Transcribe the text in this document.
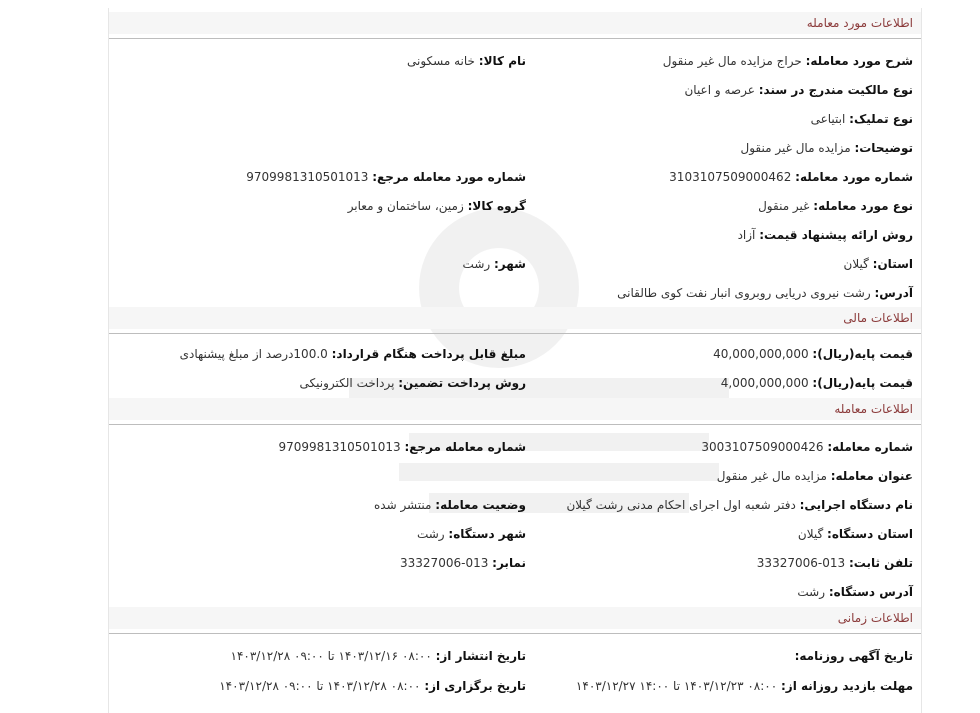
اطلاعات مورد معامله
شرح مورد معامله: حراج مزایده مال غیر منقول
نام کالا: خانه مسکونی
نوع مالکیت مندرج در سند: عرصه و اعیان
نوع تملیک: ابتیاعی
توضیحات: مزایده مال غیر منقول
شماره مورد معامله: 3103107509000462
شماره مورد معامله مرجع: 9709981310501013
نوع مورد معامله: غیر منقول
گروه کالا: زمین، ساختمان و معابر
روش ارائه پیشنهاد قیمت: آزاد
استان: گیلان
شهر: رشت
آدرس: رشت نیروی دریایی روبروی انبار نفت کوی طالقانی
اطلاعات مالی
قیمت پایه(ریال): 40,000,000,000
مبلغ قابل پرداخت هنگام قرارداد: 100.0درصد از مبلغ پیشنهادی
قیمت پایه(ریال): 4,000,000,000
روش پرداخت تضمین: پرداخت الکترونیکی
اطلاعات معامله
شماره معامله: 3003107509000426
شماره معامله مرجع: 9709981310501013
عنوان معامله: مزایده مال غیر منقول
نام دستگاه اجرایی: دفتر شعبه اول اجرای احکام مدنی رشت گیلان
وضعیت معامله: منتشر شده
استان دستگاه: گیلان
شهر دستگاه: رشت
تلفن ثابت: 013-33327006
نمابر: 013-33327006
آدرس دستگاه: رشت
اطلاعات زمانی
تاریخ آگهی روزنامه:
تاریخ انتشار از: ۰۸:۰۰ ۱۴۰۳/۱۲/۱۶ تا ۰۹:۰۰ ۱۴۰۳/۱۲/۲۸
مهلت بازدید روزانه از: ۰۸:۰۰ ۱۴۰۳/۱۲/۲۳ تا ۱۴:۰۰ ۱۴۰۳/۱۲/۲۷
تاریخ برگزاری از: ۰۸:۰۰ ۱۴۰۳/۱۲/۲۸ تا ۰۹:۰۰ ۱۴۰۳/۱۲/۲۸
